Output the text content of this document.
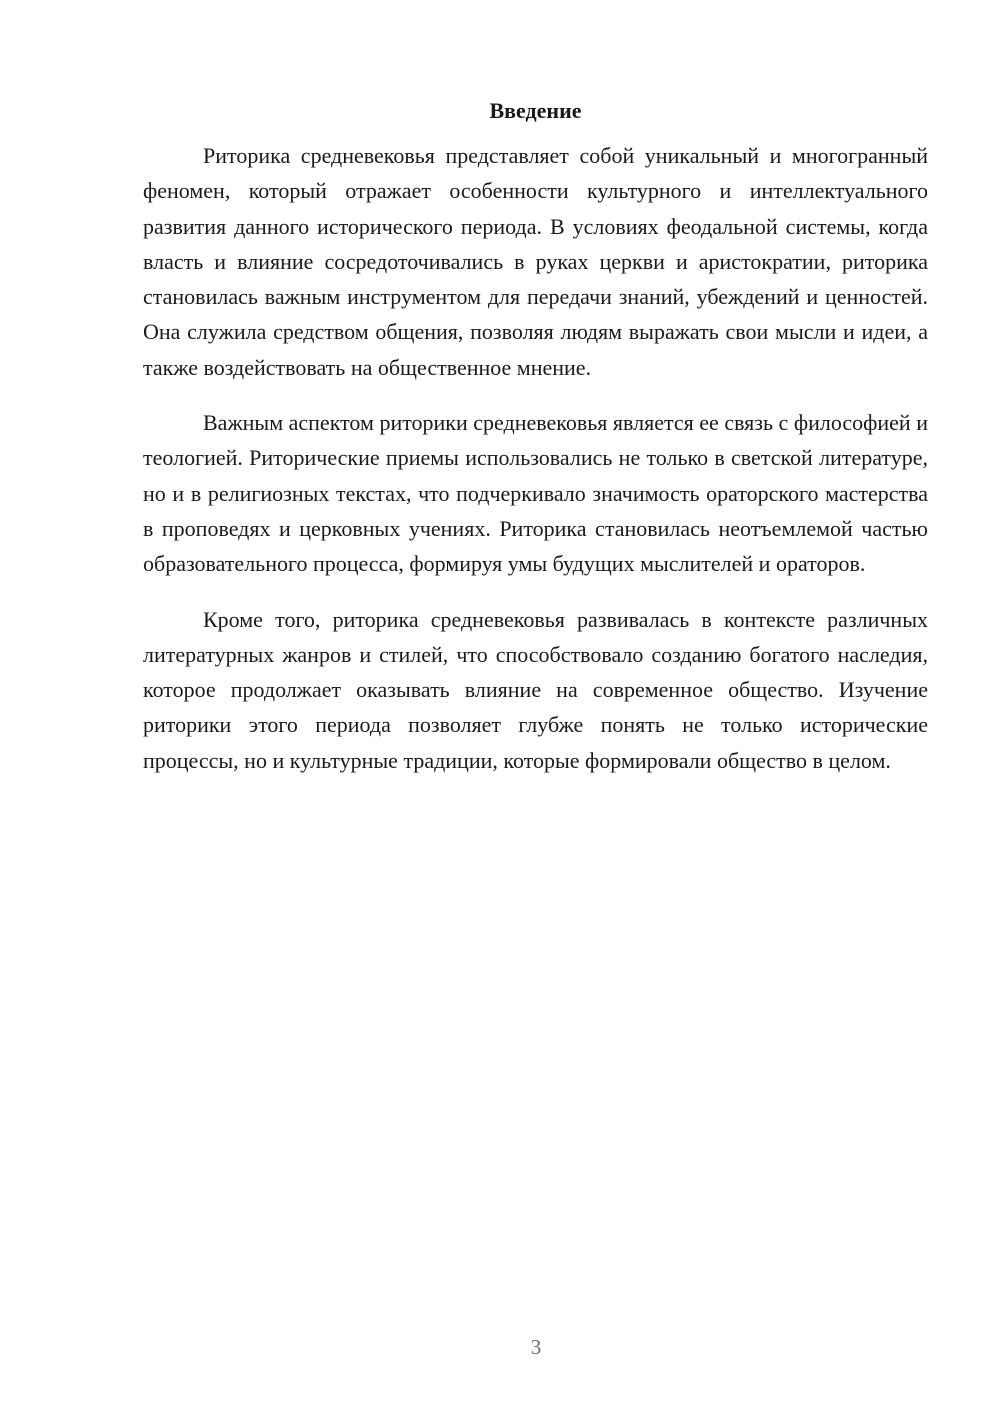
Введение

Риторика средневековья представляет собой уникальный и многогранный феномен, который отражает особенности культурного и интеллектуального развития данного исторического периода. В условиях феодальной системы, когда власть и влияние сосредоточивались в руках церкви и аристократии, риторика становилась важным инструментом для передачи знаний, убеждений и ценностей. Она служила средством общения, позволяя людям выражать свои мысли и идеи, а также воздействовать на общественное мнение.

Важным аспектом риторики средневековья является ее связь с философией и теологией. Риторические приемы использовались не только в светской литературе, но и в религиозных текстах, что подчеркивало значимость ораторского мастерства в проповедях и церковных учениях. Риторика становилась неотъемлемой частью образовательного процесса, формируя умы будущих мыслителей и ораторов.

Кроме того, риторика средневековья развивалась в контексте различных литературных жанров и стилей, что способствовало созданию богатого наследия, которое продолжает оказывать влияние на современное общество. Изучение риторики этого периода позволяет глубже понять не только исторические процессы, но и культурные традиции, которые формировали общество в целом.

3
